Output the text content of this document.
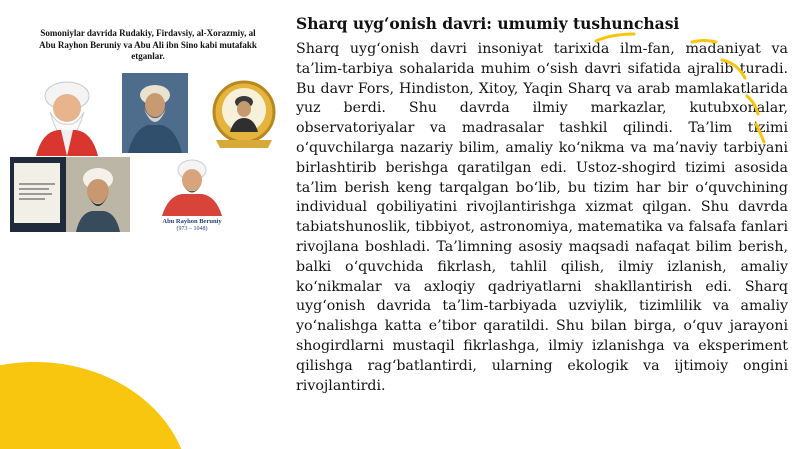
Somoniylar davrida Rudakiy, Firdavsiy, al-Xorazmiy, al
Abu Rayhon Beruniy va Abu Ali ibn Sino kabi mutafakk
etganlar.
Abu Rayhon Beruniy
(973 – 1048)
Sharq uyg‘onish davri: umumiy tushunchasi

Sharq uyg‘onish davri insoniyat tarixida ilm-fan, madaniyat va ta’lim-tarbiya sohalarida muhim o‘sish davri sifatida ajralib turadi. Bu davr Fors, Hindiston, Xitoy, Yaqin Sharq va arab mamlakatlarida yuz berdi. Shu davrda ilmiy markazlar, kutubxonalar, observatoriyalar va madrasalar tashkil qilindi. Ta’lim tizimi o‘quvchilarga nazariy bilim, amaliy ko‘nikma va ma’naviy tarbiyani birlashtirib berishga qaratilgan edi. Ustoz-shogird tizimi asosida ta’lim berish keng tarqalgan bo‘lib, bu tizim har bir o‘quvchining individual qobiliyatini rivojlantirishga xizmat qilgan. Shu davrda tabiatshunoslik, tibbiyot, astronomiya, matematika va falsafa fanlari rivojlana boshladi. Ta’limning asosiy maqsadi nafaqat bilim berish, balki o‘quvchida fikrlash, tahlil qilish, ilmiy izlanish, amaliy ko‘nikmalar va axloqiy qadriyatlarni shakllantirish edi. Sharq uyg‘onish davrida ta’lim-tarbiyada uzviylik, tizimlilik va amaliy yo‘nalishga katta e’tibor qaratildi. Shu bilan birga, o‘quv jarayoni shogirdlarni mustaqil fikrlashga, ilmiy izlanishga va eksperiment qilishga rag‘batlantirdi, ularning ekologik va ijtimoiy ongini rivojlantirdi.
